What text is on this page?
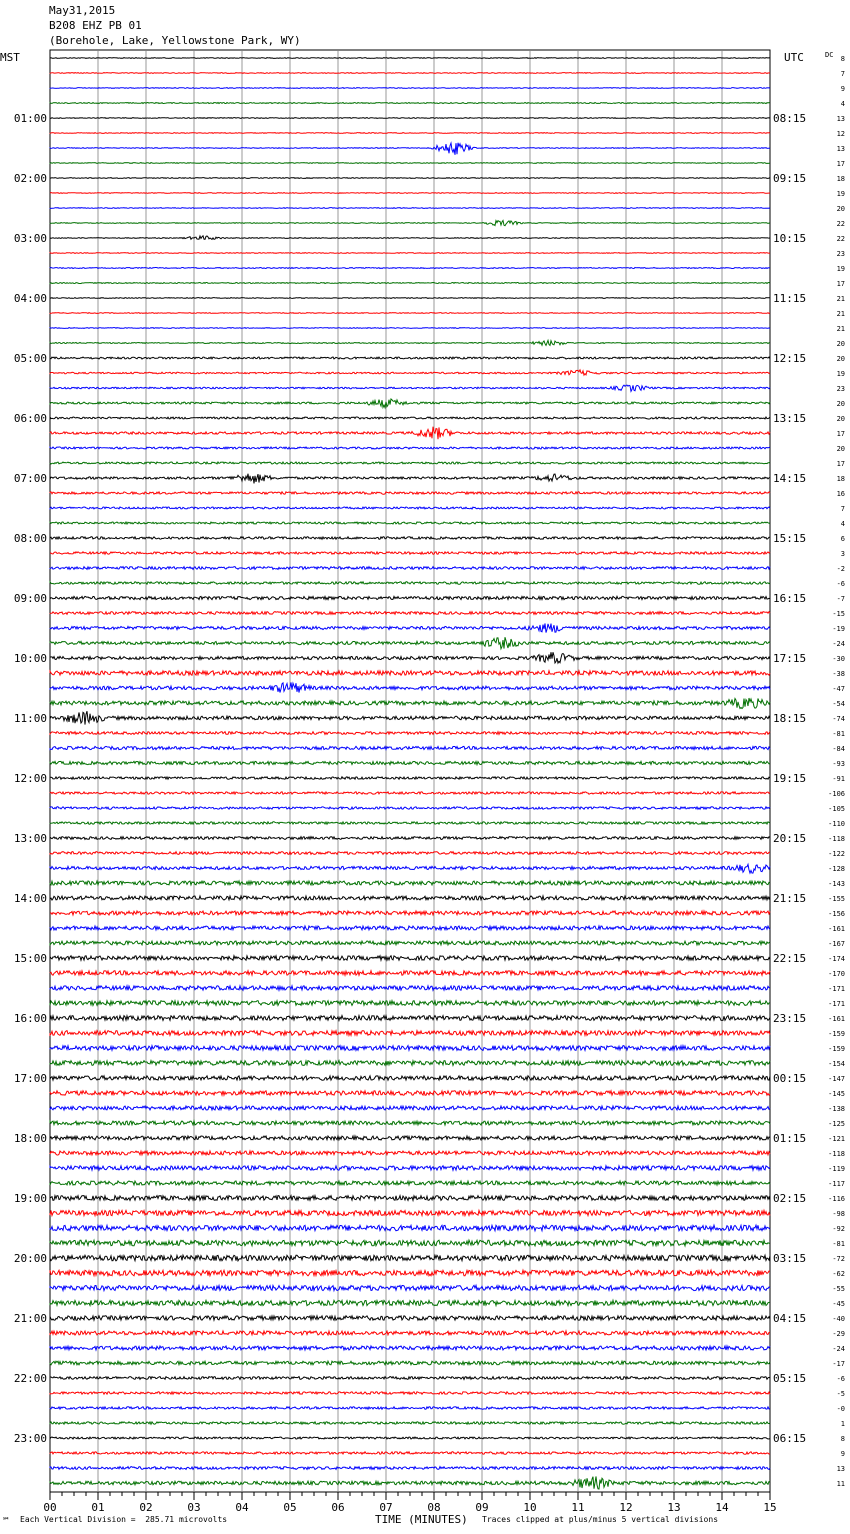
May31,2015
B208 EHZ PB 01
(Borehole, Lake, Yellowstone Park, WY)
00	01	02	03	04	05	06	07	08	09	10	11	12	13	14	15
8
7
9
4
13
12
13
17
18
19
20
22
22
23
19
17
21
21
21
20
20
19
23
20
20
17
20
17
18
16
7
4
6
3
-2
-6
-7
-15
-19
-24
-30
-38
-47
-54
-74
-81
-84
-93
-91
-106
-105
-110
-118
-122
-128
-143
-155
-156
-161
-167
-174
-170
-171
-171
-161
-159
-159
-154
-147
-145
-138
-125
-121
-118
-119
-117
-116
-98
-92
-81
-72
-62
-55
-45
-40
-29
-24
-17
-6
-5
-0
1
8
9
13
11
01:00
02:00
03:00
04:00
05:00
06:00
07:00
08:00
09:00
10:00
11:00
12:00
13:00
14:00
15:00
16:00
17:00
18:00
19:00
20:00
21:00
22:00
23:00
08:15
09:15
10:15
11:15
12:15
13:15
14:15
15:15
16:15
17:15
18:15
19:15
20:15
21:15
22:15
23:15
00:15
01:15
02:15
03:15
04:15
05:15
06:15
MST	UTC	DC
TIME (MINUTES)
℠ Each Vertical Division =  285.71 microvolts	Traces clipped at plus/minus 5 vertical divisions
